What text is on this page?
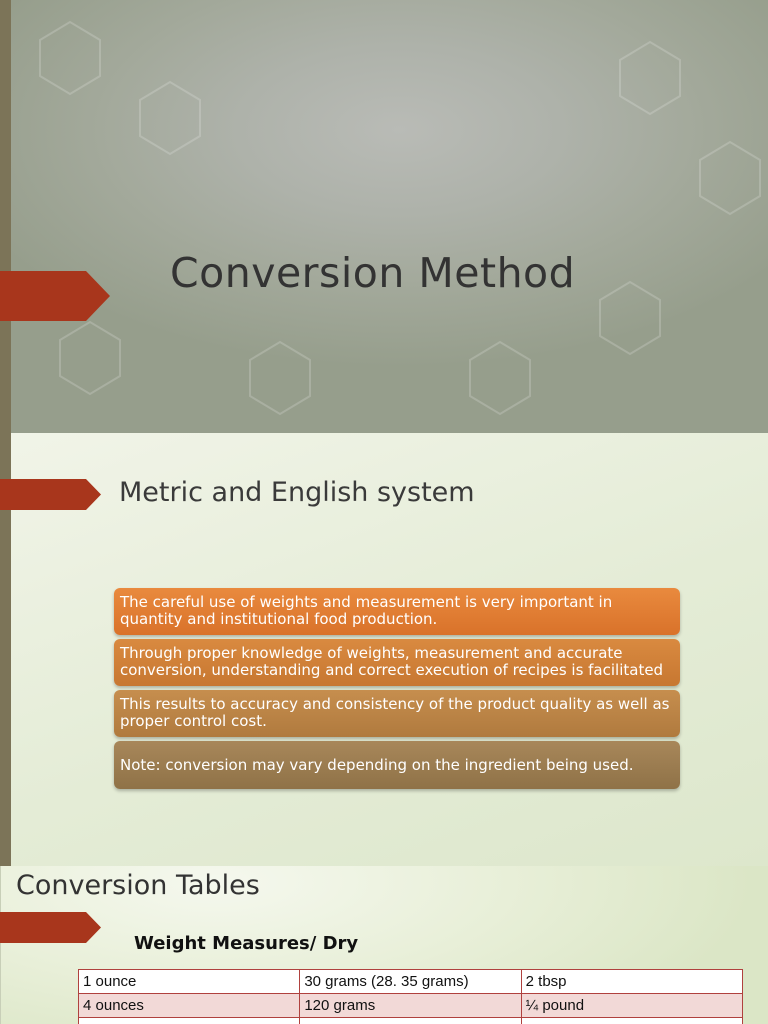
Conversion Method
Metric and English system
The careful use of weights and measurement is very important in quantity and institutional food production.
Through proper knowledge of weights, measurement and accurate conversion, understanding and correct execution of recipes is facilitated
This results to accuracy and consistency of the product quality as well as proper control cost.
Note: conversion may vary depending on the ingredient being used.
Conversion Tables
Weight Measures/ Dry
1 ounce	30 grams (28. 35 grams)	2 tbsp
4 ounces	120 grams	¼ pound
